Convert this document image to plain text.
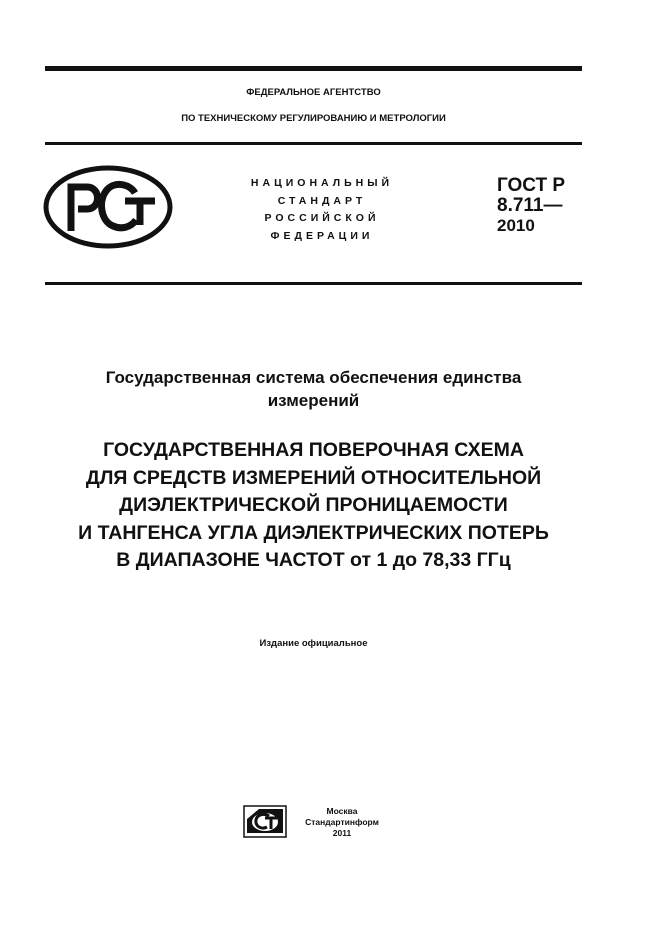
ФЕДЕРАЛЬНОЕ АГЕНТСТВО
ПО ТЕХНИЧЕСКОМУ РЕГУЛИРОВАНИЮ И МЕТРОЛОГИИ
НАЦИОНАЛЬНЫЙ
СТАНДАРТ
РОССИЙСКОЙ
ФЕДЕРАЦИИ
ГОСТ Р
8.711—
2010
Государственная система обеспечения единства
измерений
ГОСУДАРСТВЕННАЯ ПОВЕРОЧНАЯ СХЕМА
ДЛЯ СРЕДСТВ ИЗМЕРЕНИЙ ОТНОСИТЕЛЬНОЙ
ДИЭЛЕКТРИЧЕСКОЙ ПРОНИЦАЕМОСТИ
И ТАНГЕНСА УГЛА ДИЭЛЕКТРИЧЕСКИХ ПОТЕРЬ
В ДИАПАЗОНЕ ЧАСТОТ от 1 до 78,33 ГГц
Издание официальное
Москва
Стандартинформ
2011
